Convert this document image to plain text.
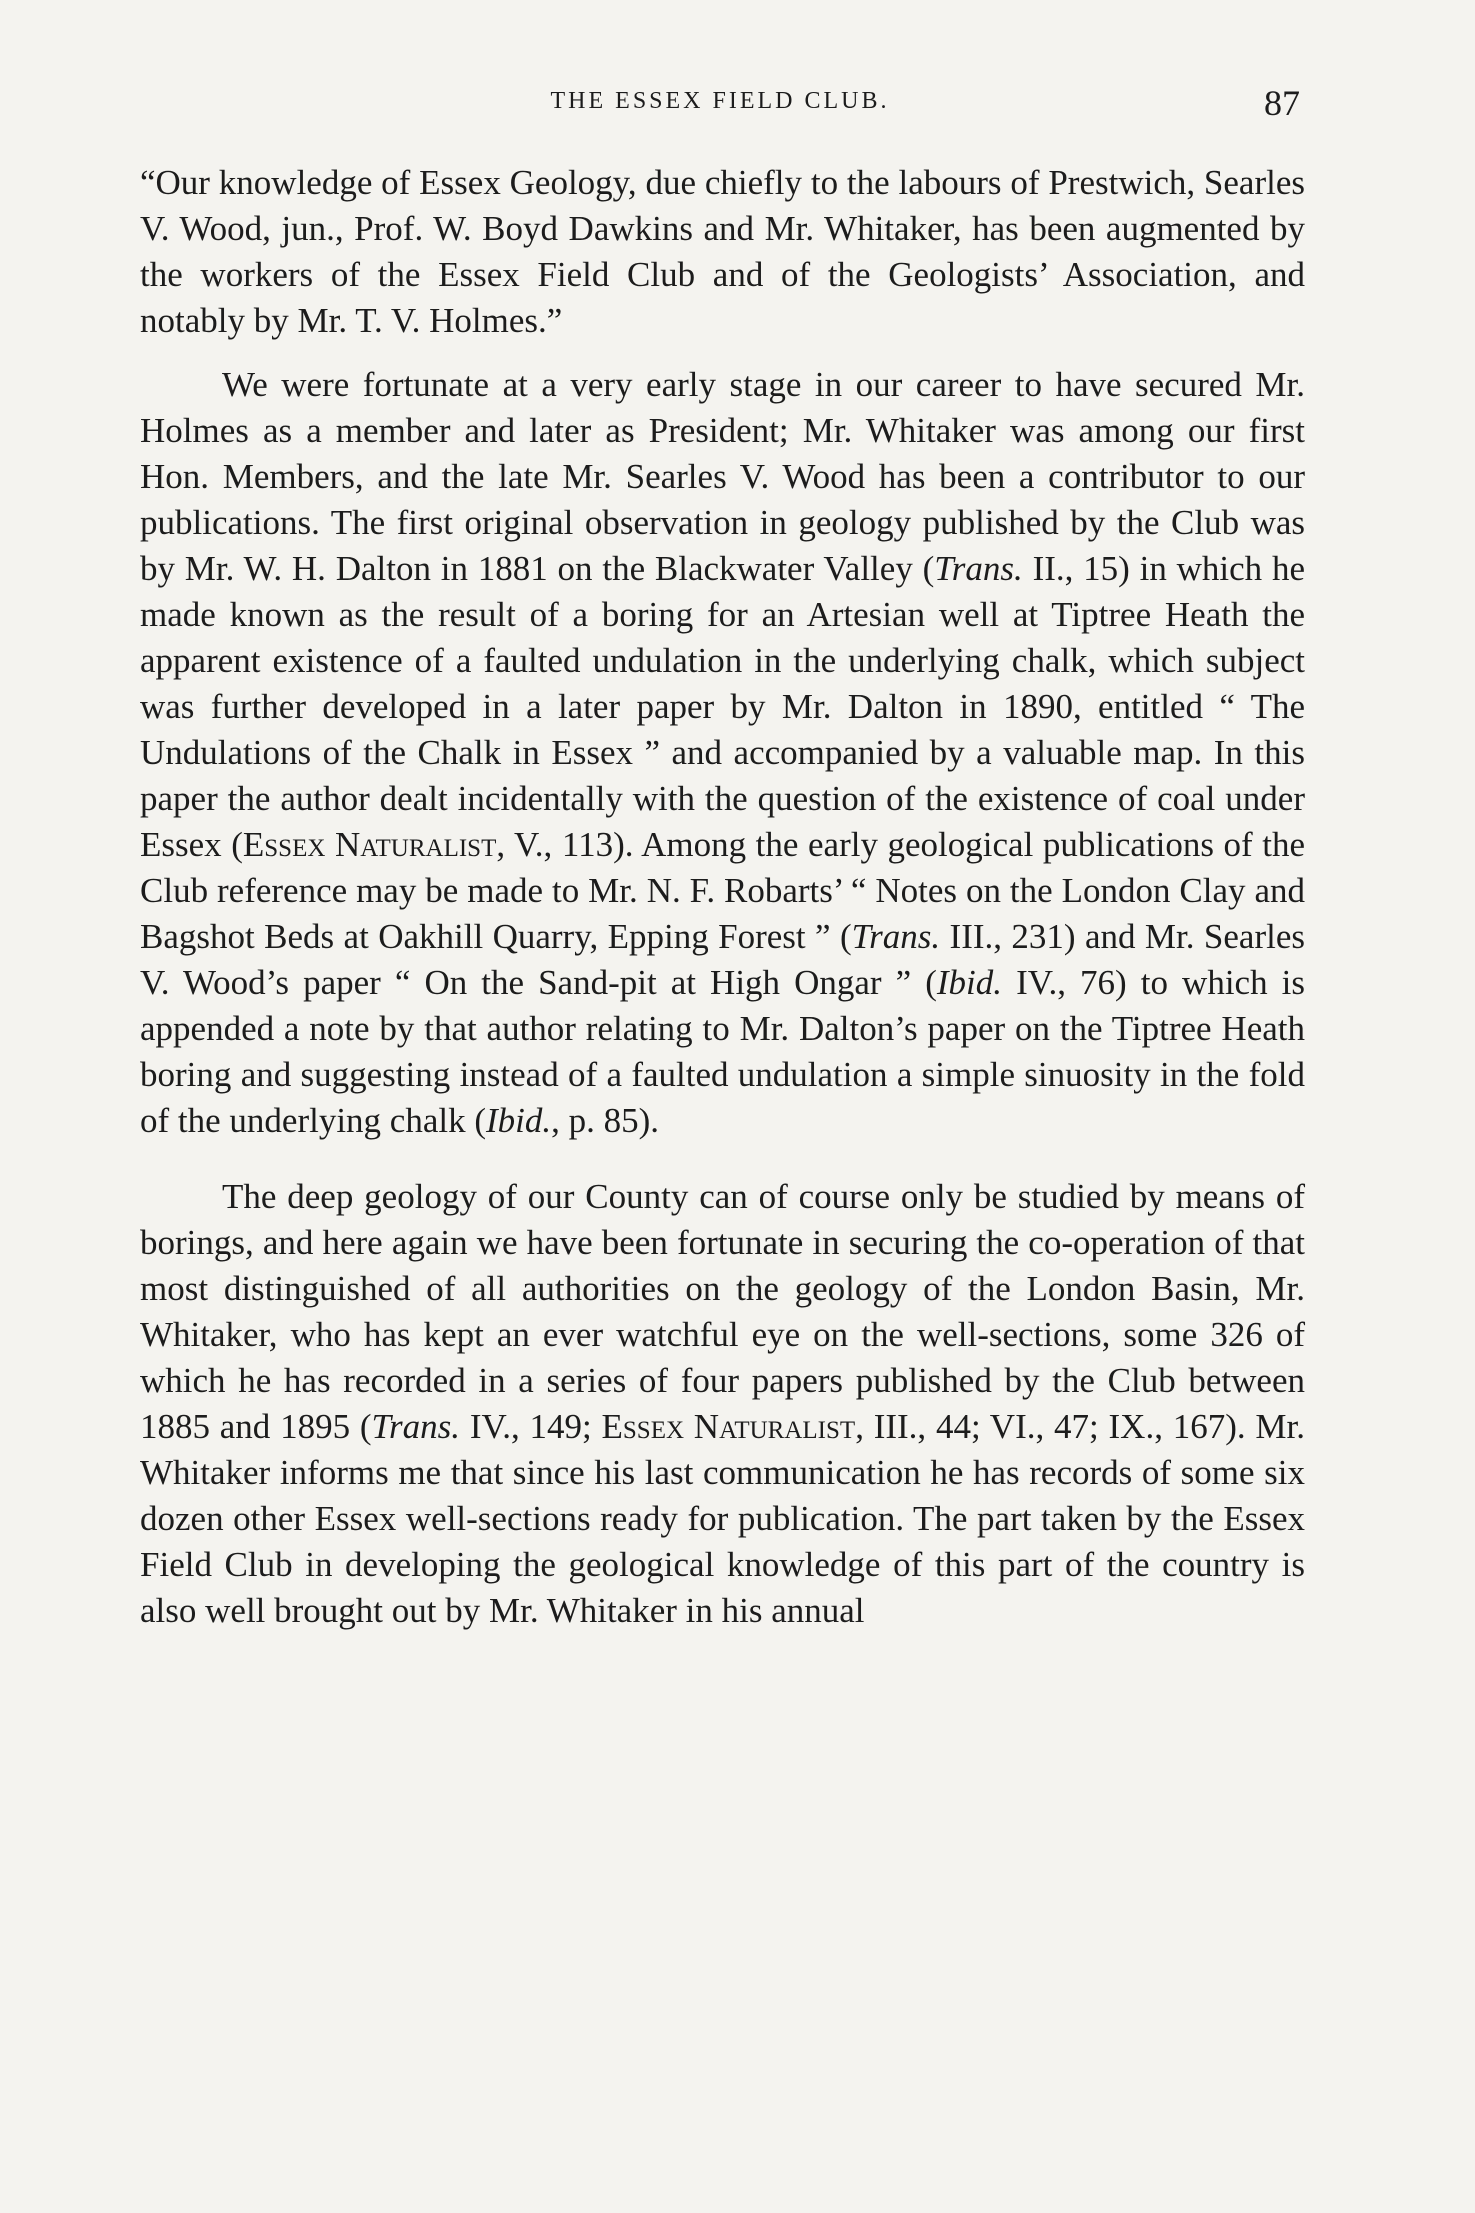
THE ESSEX FIELD CLUB.	87

“Our knowledge of Essex Geology, due chiefly to the labours of Prestwich, Searles V. Wood, jun., Prof. W. Boyd Dawkins and Mr. Whitaker, has been augmented by the workers of the Essex Field Club and of the Geologists’ Association, and notably by Mr. T. V. Holmes.”

We were fortunate at a very early stage in our career to have secured Mr. Holmes as a member and later as President; Mr. Whitaker was among our first Hon. Members, and the late Mr. Searles V. Wood has been a contributor to our publications. The first original observation in geology published by the Club was by Mr. W. H. Dalton in 1881 on the Blackwater Valley (Trans. II., 15) in which he made known as the result of a boring for an Artesian well at Tiptree Heath the apparent existence of a faulted undulation in the underlying chalk, which subject was further developed in a later paper by Mr. Dalton in 1890, entitled “ The Undulations of the Chalk in Essex ” and accompanied by a valuable map. In this paper the author dealt incidentally with the question of the existence of coal under Essex (Essex Naturalist, V., 113). Among the early geological publications of the Club reference may be made to Mr. N. F. Robarts’ “ Notes on the London Clay and Bagshot Beds at Oakhill Quarry, Epping Forest ” (Trans. III., 231) and Mr. Searles V. Wood’s paper “ On the Sand-pit at High Ongar ” (Ibid. IV., 76) to which is appended a note by that author relating to Mr. Dalton’s paper on the Tiptree Heath boring and suggesting instead of a faulted undulation a simple sinuosity in the fold of the underlying chalk (Ibid., p. 85).

The deep geology of our County can of course only be studied by means of borings, and here again we have been fortunate in securing the co-operation of that most distinguished of all authorities on the geology of the London Basin, Mr. Whitaker, who has kept an ever watchful eye on the well-sections, some 326 of which he has recorded in a series of four papers published by the Club between 1885 and 1895 (Trans. IV., 149; Essex Naturalist, III., 44; VI., 47; IX., 167). Mr. Whitaker informs me that since his last communication he has records of some six dozen other Essex well-sections ready for publication. The part taken by the Essex Field Club in developing the geological knowledge of this part of the country is also well brought out by Mr. Whitaker in his annual
